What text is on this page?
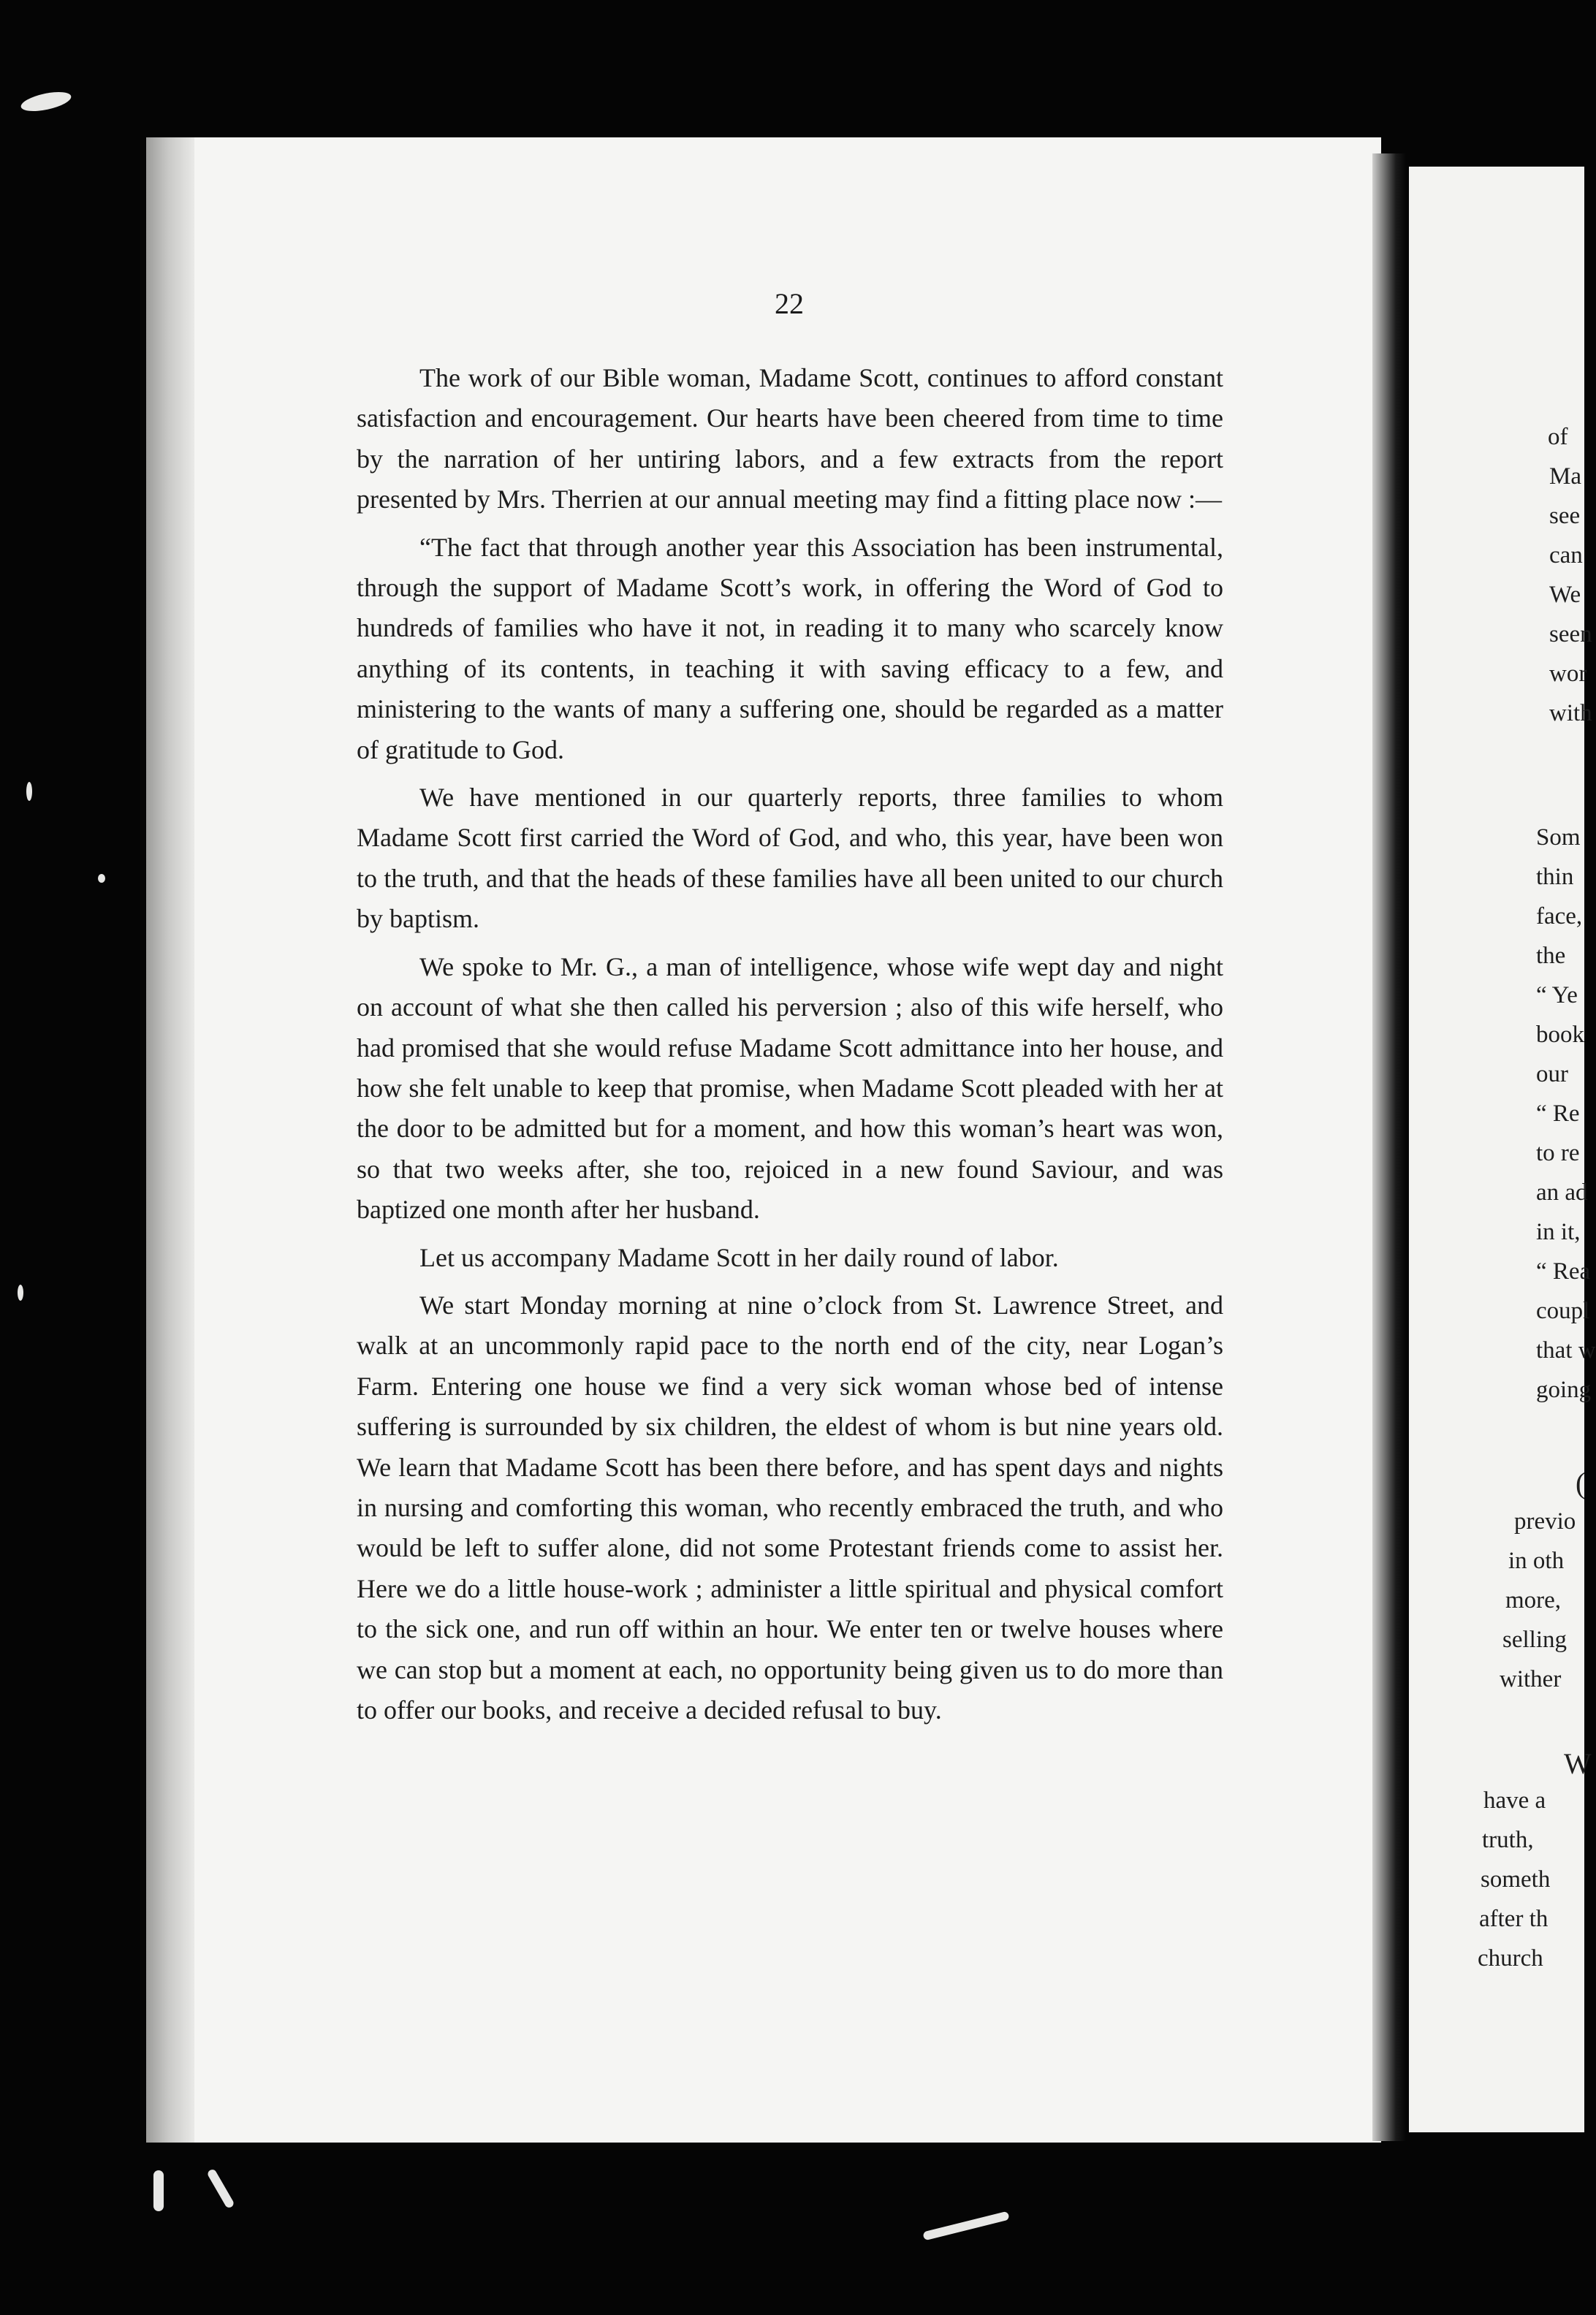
of
Ma
see
can
We
seen
wor
with
Som
thin
face,
the
“ Ye
book
our
“ Re
to re
an ad
in it,
“ Rea
coupl
that w
going
(
previo
in oth
more,
selling
wither
W
have a
truth,
someth
after th
church
22

The work of our Bible woman, Madame Scott, continues to afford constant satisfaction and encouragement. Our hearts have been cheered from time to time by the narration of her untiring labors, and a few extracts from the report presented by Mrs. Therrien at our annual meeting may find a fitting place now :—

“The fact that through another year this Association has been instrumental, through the support of Madame Scott’s work, in offering the Word of God to hundreds of families who have it not, in reading it to many who scarcely know anything of its contents, in teaching it with saving efficacy to a few, and ministering to the wants of many a suffering one, should be regarded as a matter of gratitude to God.

We have mentioned in our quarterly reports, three families to whom Madame Scott first carried the Word of God, and who, this year, have been won to the truth, and that the heads of these families have all been united to our church by baptism.

We spoke to Mr. G., a man of intelligence, whose wife wept day and night on account of what she then called his perversion ; also of this wife herself, who had promised that she would refuse Madame Scott admittance into her house, and how she felt unable to keep that promise, when Madame Scott pleaded with her at the door to be admitted but for a moment, and how this woman’s heart was won, so that two weeks after, she too, rejoiced in a new found Saviour, and was baptized one month after her husband.

Let us accompany Madame Scott in her daily round of labor.

We start Monday morning at nine o’clock from St. Lawrence Street, and walk at an uncommonly rapid pace to the north end of the city, near Logan’s Farm. Entering one house we find a very sick woman whose bed of intense suffering is surrounded by six children, the eldest of whom is but nine years old. We learn that Madame Scott has been there before, and has spent days and nights in nursing and comforting this woman, who recently embraced the truth, and who would be left to suffer alone, did not some Protestant friends come to assist her. Here we do a little house-work ; administer a little spiritual and physical comfort to the sick one, and run off within an hour. We enter ten or twelve houses where we can stop but a moment at each, no opportunity being given us to do more than to offer our books, and receive a decided refusal to buy.
